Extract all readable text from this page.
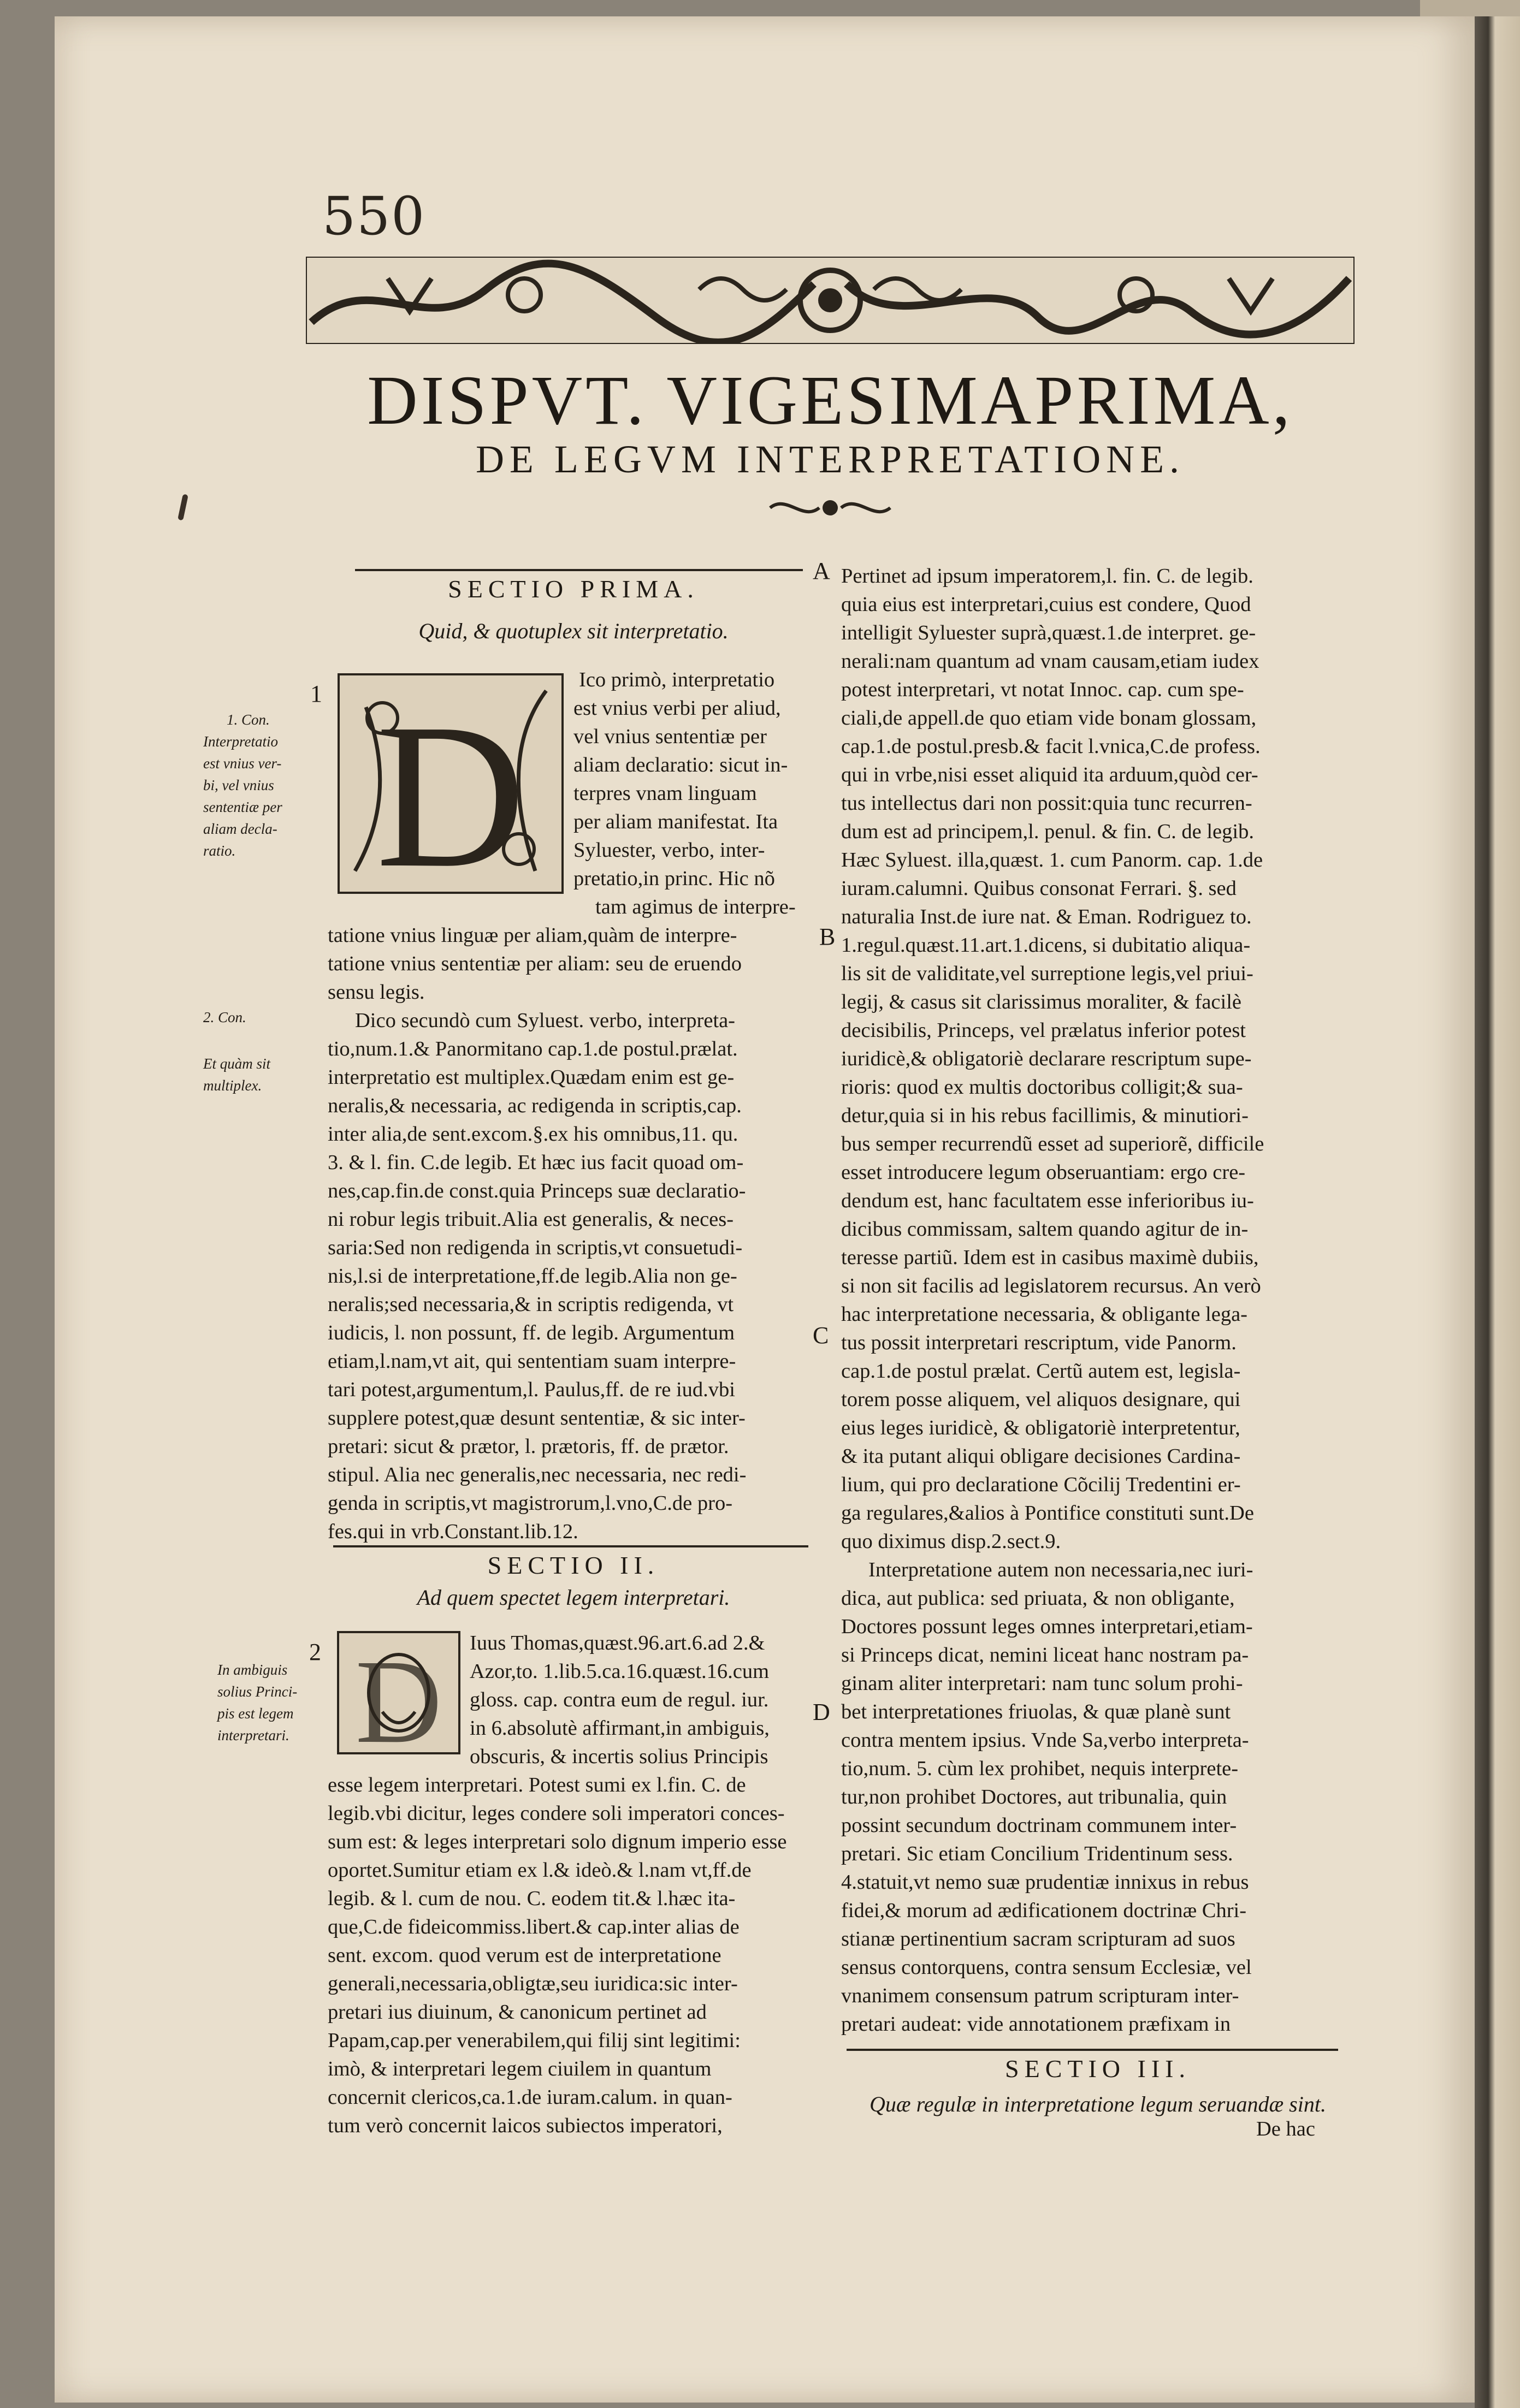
550
DISPVT. VIGESIMAPRIMA,
DE LEGVM INTERPRETATIONE.
SECTIO PRIMA.
Quid, & quotuplex sit interpretatio.
D
1
1. Con.
Interpretatio
est vnius ver-
bi, vel vnius
sententiæ per
aliam decla-
ratio.
Ico primò, interpretatio
est vnius verbi per aliud,
vel vnius sententiæ per
aliam declaratio: sicut in-
terpres vnam linguam
per aliam manifestat. Ita
Syluester, verbo, inter-
pretatio,in princ. Hic nõ
tam agimus de interpre-
tatione vnius linguæ per aliam,quàm de interpre-
tatione vnius sententiæ per aliam: seu de eruendo
sensu legis.
2. Con.
Et quàm sit
multiplex.
Dico secundò cum Syluest. verbo, interpreta-
tio,num.1.& Panormitano cap.1.de postul.prælat.
interpretatio est multiplex.Quædam enim est ge-
neralis,& necessaria, ac redigenda in scriptis,cap.
inter alia,de sent.excom.§.ex his omnibus,11. qu.
3. & l. fin. C.de legib. Et hæc ius facit quoad om-
nes,cap.fin.de const.quia Princeps suæ declaratio-
ni robur legis tribuit.Alia est generalis, & neces-
saria:Sed non redigenda in scriptis,vt consuetudi-
nis,l.si de interpretatione,ff.de legib.Alia non ge-
neralis;sed necessaria,& in scriptis redigenda, vt
iudicis, l. non possunt, ff. de legib. Argumentum
etiam,l.nam,vt ait, qui sententiam suam interpre-
tari potest,argumentum,l. Paulus,ff. de re iud.vbi
supplere potest,quæ desunt sententiæ, & sic inter-
pretari: sicut & prætor, l. prætoris, ff. de prætor.
stipul. Alia nec generalis,nec necessaria, nec redi-
genda in scriptis,vt magistrorum,l.vno,C.de pro-
fes.qui in vrb.Constant.lib.12.
SECTIO II.
Ad quem spectet legem interpretari.
D
2
In ambiguis
solius Princi-
pis est legem
interpretari.
Iuus Thomas,quæst.96.art.6.ad 2.&
Azor,to. 1.lib.5.ca.16.quæst.16.cum
gloss. cap. contra eum de regul. iur.
in 6.absolutè affirmant,in ambiguis,
obscuris, & incertis solius Principis
esse legem interpretari. Potest sumi ex l.fin. C. de
legib.vbi dicitur, leges condere soli imperatori conces-
sum est: & leges interpretari solo dignum imperio esse
oportet.Sumitur etiam ex l.& ideò.& l.nam vt,ff.de
legib. & l. cum de nou. C. eodem tit.& l.hæc ita-
que,C.de fideicommiss.libert.& cap.inter alias de
sent. excom. quod verum est de interpretatione
generali,necessaria,obligtæ,seu iuridica:sic inter-
pretari ius diuinum, & canonicum pertinet ad
Papam,cap.per venerabilem,qui filij sint legitimi:
imò, & interpretari legem ciuilem in quantum
concernit clericos,ca.1.de iuram.calum. in quan-
tum verò concernit laicos subiectos imperatori,
A
B
C
D
Pertinet ad ipsum imperatorem,l. fin. C. de legib.
quia eius est interpretari,cuius est condere, Quod
intelligit Syluester suprà,quæst.1.de interpret. ge-
nerali:nam quantum ad vnam causam,etiam iudex
potest interpretari, vt notat Innoc. cap. cum spe-
ciali,de appell.de quo etiam vide bonam glossam,
cap.1.de postul.presb.& facit l.vnica,C.de profess.
qui in vrbe,nisi esset aliquid ita arduum,quòd cer-
tus intellectus dari non possit:quia tunc recurren-
dum est ad principem,l. penul. & fin. C. de legib.
Hæc Syluest. illa,quæst. 1. cum Panorm. cap. 1.de
iuram.calumni. Quibus consonat Ferrari. §. sed
naturalia Inst.de iure nat. & Eman. Rodriguez to.
1.regul.quæst.11.art.1.dicens, si dubitatio aliqua-
lis sit de validitate,vel surreptione legis,vel priui-
legij, & casus sit clarissimus moraliter, & facilè
decisibilis, Princeps, vel prælatus inferior potest
iuridicè,& obligatoriè declarare rescriptum supe-
rioris: quod ex multis doctoribus colligit;& sua-
detur,quia si in his rebus facillimis, & minutiori-
bus semper recurrendũ esset ad superiorẽ, difficile
esset introducere legum obseruantiam: ergo cre-
dendum est, hanc facultatem esse inferioribus iu-
dicibus commissam, saltem quando agitur de in-
teresse partiũ. Idem est in casibus maximè dubiis,
si non sit facilis ad legislatorem recursus. An verò
hac interpretatione necessaria, & obligante lega-
tus possit interpretari rescriptum, vide Panorm.
cap.1.de postul prælat. Certũ autem est, legisla-
torem posse aliquem, vel aliquos designare, qui
eius leges iuridicè, & obligatoriè interpretentur,
& ita putant aliqui obligare decisiones Cardina-
lium, qui pro declaratione Cõcilij Tredentini er-
ga regulares,&alios à Pontifice constituti sunt.De
quo diximus disp.2.sect.9.
Interpretatione autem non necessaria,nec iuri-
dica, aut publica: sed priuata, & non obligante,
Doctores possunt leges omnes interpretari,etiam-
si Princeps dicat, nemini liceat hanc nostram pa-
ginam aliter interpretari: nam tunc solum prohi-
bet interpretationes friuolas, & quæ planè sunt
contra mentem ipsius. Vnde Sa,verbo interpreta-
tio,num. 5. cùm lex prohibet, nequis interprete-
tur,non prohibet Doctores, aut tribunalia, quin
possint secundum doctrinam communem inter-
pretari. Sic etiam Concilium Tridentinum sess.
4.statuit,vt nemo suæ prudentiæ innixus in rebus
fidei,& morum ad ædificationem doctrinæ Chri-
stianæ pertinentium sacram scripturam ad suos
sensus contorquens, contra sensum Ecclesiæ, vel
vnanimem consensum patrum scripturam inter-
pretari audeat: vide annotationem præfixam in
SECTIO III.
Quæ regulæ in interpretatione legum seruandæ sint.
De hac
